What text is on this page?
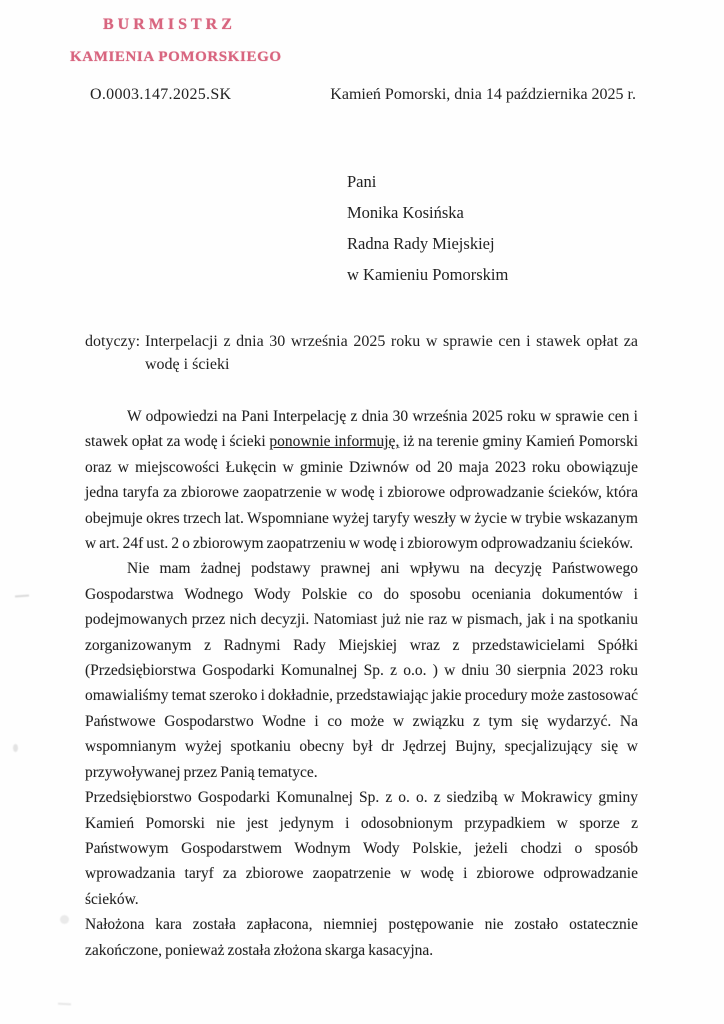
BURMISTRZ
KAMIENIA POMORSKIEGO
O.0003.147.2025.SK	Kamień Pomorski, dnia 14 października 2025 r.
Pani
Monika Kosińska
Radna Rady Miejskiej
w Kamieniu Pomorskim
dotyczy: Interpelacji z dnia 30 września 2025 roku w sprawie cen i stawek opłat za wodę i ścieki

W odpowiedzi na Pani Interpelację z dnia 30 września 2025 roku w sprawie cen i stawek opłat za wodę i ścieki ponownie informuję, iż na terenie gminy Kamień Pomorski oraz w miejscowości Łukęcin w gminie Dziwnów od 20 maja 2023 roku obowiązuje jedna taryfa za zbiorowe zaopatrzenie w wodę i zbiorowe odprowadzanie ścieków, która obejmuje okres trzech lat. Wspomniane wyżej taryfy weszły w życie w trybie wskazanym w art. 24f ust. 2 o zbiorowym zaopatrzeniu w wodę i zbiorowym odprowadzaniu ścieków.

Nie mam żadnej podstawy prawnej ani wpływu na decyzję Państwowego Gospodarstwa Wodnego Wody Polskie co do sposobu oceniania dokumentów i podejmowanych przez nich decyzji. Natomiast już nie raz w pismach, jak i na spotkaniu zorganizowanym z Radnymi Rady Miejskiej wraz z przedstawicielami Spółki (Przedsiębiorstwa Gospodarki Komunalnej Sp. z o.o. ) w dniu 30 sierpnia 2023 roku omawialiśmy temat szeroko i dokładnie, przedstawiając jakie procedury może zastosować Państwowe Gospodarstwo Wodne i co może w związku z tym się wydarzyć. Na wspomnianym wyżej spotkaniu obecny był dr Jędrzej Bujny, specjalizujący się w przywoływanej przez Panią tematyce.

Przedsiębiorstwo Gospodarki Komunalnej Sp. z o. o. z siedzibą w Mokrawicy gminy Kamień Pomorski nie jest jedynym i odosobnionym przypadkiem w sporze z Państwowym Gospodarstwem Wodnym Wody Polskie, jeżeli chodzi o sposób wprowadzania taryf za zbiorowe zaopatrzenie w wodę i zbiorowe odprowadzanie ścieków.

Nałożona kara została zapłacona, niemniej postępowanie nie zostało ostatecznie zakończone, ponieważ została złożona skarga kasacyjna.
